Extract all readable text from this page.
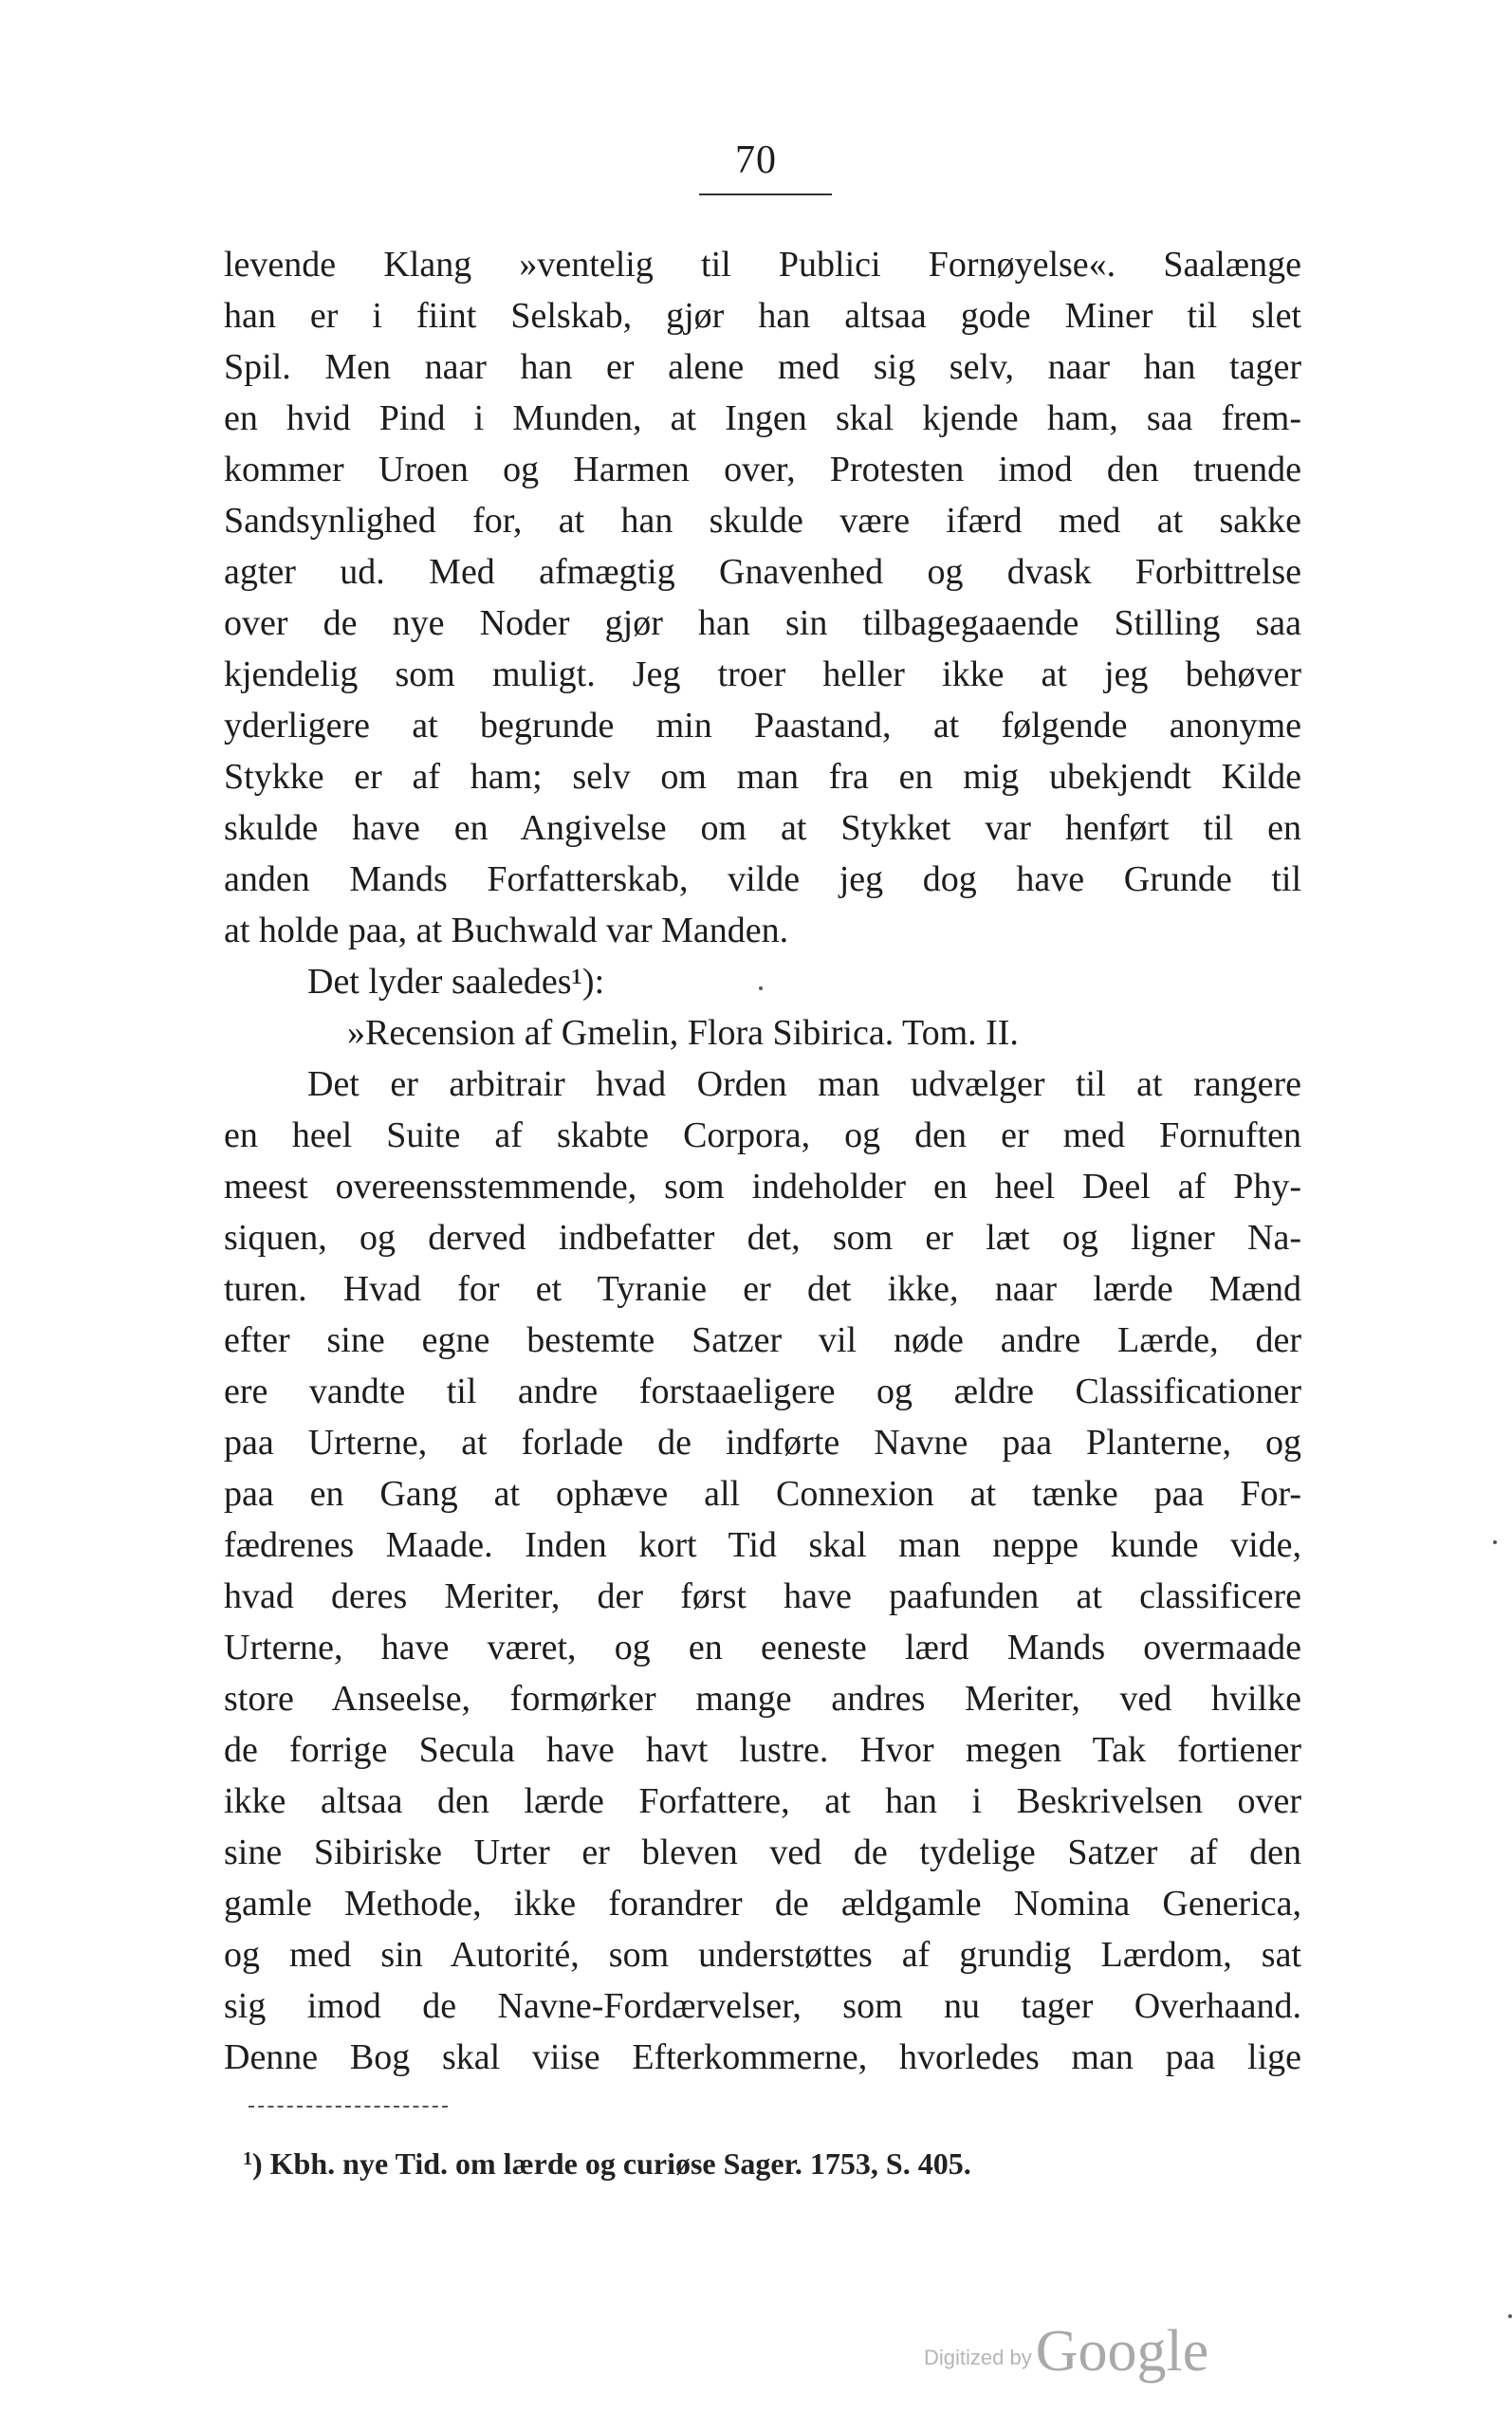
70
levende Klang »ventelig til Publici Fornøyelse«. Saalænge
han er i fiint Selskab, gjør han altsaa gode Miner til slet
Spil. Men naar han er alene med sig selv, naar han tager
en hvid Pind i Munden, at Ingen skal kjende ham, saa frem-
kommer Uroen og Harmen over, Protesten imod den truende
Sandsynlighed for, at han skulde være ifærd med at sakke
agter ud. Med afmægtig Gnavenhed og dvask Forbittrelse
over de nye Noder gjør han sin tilbagegaaende Stilling saa
kjendelig som muligt. Jeg troer heller ikke at jeg behøver
yderligere at begrunde min Paastand, at følgende anonyme
Stykke er af ham; selv om man fra en mig ubekjendt Kilde
skulde have en Angivelse om at Stykket var henført til en
anden Mands Forfatterskab, vilde jeg dog have Grunde til
at holde paa, at Buchwald var Manden.
Det lyder saaledes¹):
»Recension af Gmelin, Flora Sibirica. Tom. II.
Det er arbitrair hvad Orden man udvælger til at rangere
en heel Suite af skabte Corpora, og den er med Fornuften
meest overeensstemmende, som indeholder en heel Deel af Phy-
siquen, og derved indbefatter det, som er læt og ligner Na-
turen. Hvad for et Tyranie er det ikke, naar lærde Mænd
efter sine egne bestemte Satzer vil nøde andre Lærde, der
ere vandte til andre forstaaeligere og ældre Classificationer
paa Urterne, at forlade de indførte Navne paa Planterne, og
paa en Gang at ophæve all Connexion at tænke paa For-
fædrenes Maade. Inden kort Tid skal man neppe kunde vide,
hvad deres Meriter, der først have paafunden at classificere
Urterne, have været, og en eeneste lærd Mands overmaade
store Anseelse, formørker mange andres Meriter, ved hvilke
de forrige Secula have havt lustre. Hvor megen Tak fortiener
ikke altsaa den lærde Forfattere, at han i Beskrivelsen over
sine Sibiriske Urter er bleven ved de tydelige Satzer af den
gamle Methode, ikke forandrer de ældgamle Nomina Generica,
og med sin Autorité, som understøttes af grundig Lærdom, sat
sig imod de Navne-Fordærvelser, som nu tager Overhaand.
Denne Bog skal viise Efterkommerne, hvorledes man paa lige
$^1$) Kbh. nye Tid. om lærde og curiøse Sager. 1753, S. 405.
Digitized by Google
